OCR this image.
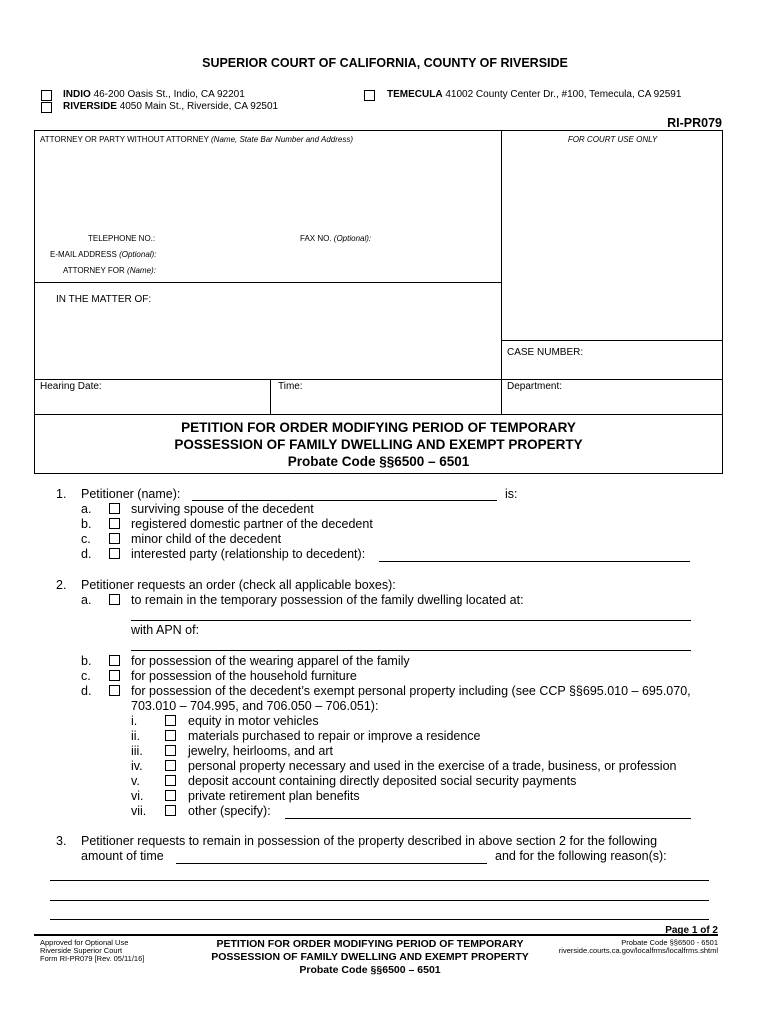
SUPERIOR COURT OF CALIFORNIA, COUNTY OF RIVERSIDE
INDIO 46-200 Oasis St., Indio, CA 92201
RIVERSIDE 4050 Main St., Riverside, CA 92501
TEMECULA 41002 County Center Dr., #100, Temecula, CA 92591
RI-PR079
ATTORNEY OR PARTY WITHOUT ATTORNEY (Name, State Bar Number and Address)	FOR COURT USE ONLY
TELEPHONE NO.:	FAX NO. (Optional):
E-MAIL ADDRESS (Optional):
ATTORNEY FOR (Name):
IN THE MATTER OF:
CASE NUMBER:
Hearing Date:	Time:	Department:
PETITION FOR ORDER MODIFYING PERIOD OF TEMPORARY
POSSESSION OF FAMILY DWELLING AND EXEMPT PROPERTY
Probate Code §§6500 – 6501
1. Petitioner (name):	is:
a.	surviving spouse of the decedent
b.	registered domestic partner of the decedent
c.	minor child of the decedent
d.	interested party (relationship to decedent):
2. Petitioner requests an order (check all applicable boxes):
a.	to remain in the temporary possession of the family dwelling located at:
with APN of:
b.	for possession of the wearing apparel of the family
c.	for possession of the household furniture
d.	for possession of the decedent’s exempt personal property including (see CCP §§695.010 – 695.070,
703.010 – 704.995, and 706.050 – 706.051):
i.	equity in motor vehicles
ii.	materials purchased to repair or improve a residence
iii.	jewelry, heirlooms, and art
iv.	personal property necessary and used in the exercise of a trade, business, or profession
v.	deposit account containing directly deposited social security payments
vi.	private retirement plan benefits
vii.	other (specify):
3. Petitioner requests to remain in possession of the property described in above section 2 for the following
amount of time	and for the following reason(s):
Page 1 of 2
Approved for Optional Use
Riverside Superior Court
Form RI-PR079 [Rev. 05/11/16]
PETITION FOR ORDER MODIFYING PERIOD OF TEMPORARY
POSSESSION OF FAMILY DWELLING AND EXEMPT PROPERTY
Probate Code §§6500 – 6501
Probate Code §§6500 - 6501
riverside.courts.ca.gov/localfrms/localfrms.shtml
